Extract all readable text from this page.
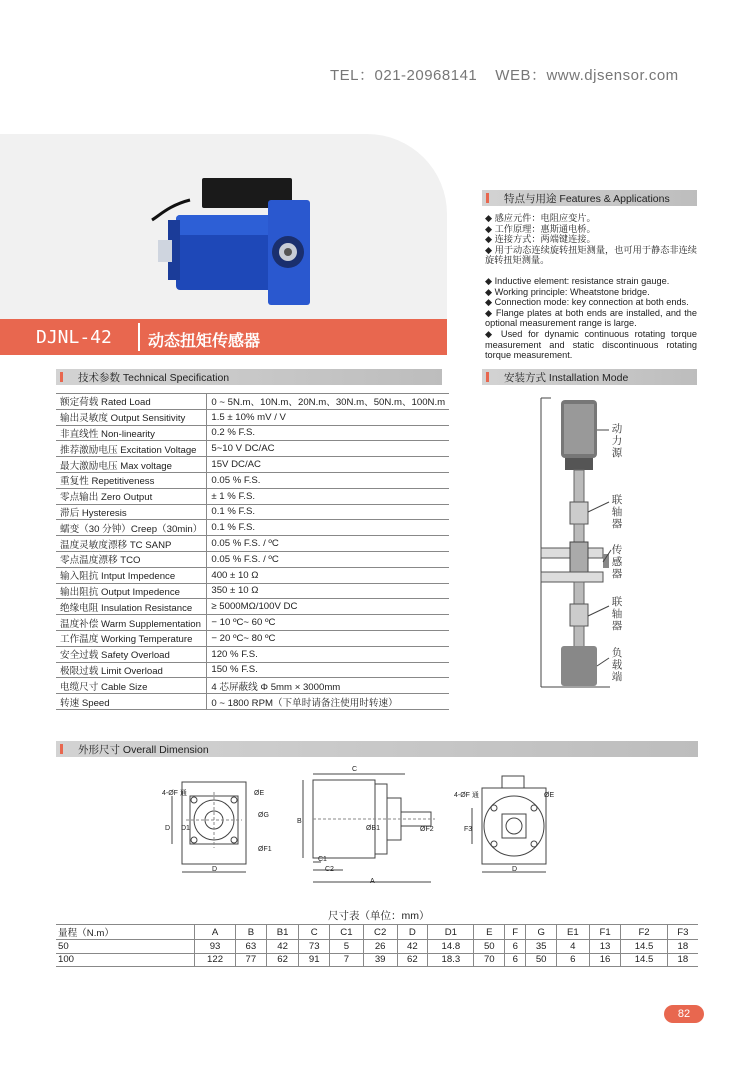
TEL：021-20968141 WEB：www.djsensor.com
DJNL-42 动态扭矩传感器
特点与用途 Features & Applications

◆ 感应元件：电阻应变片。

◆ 工作原理：惠斯通电桥。

◆ 连接方式：两端键连接。

◆ 用于动态连续旋转扭矩测量，也可用于静态非连续旋转扭矩测量。

◆ Inductive element: resistance strain gauge.

◆ Working principle: Wheatstone bridge.

◆ Connection mode: key connection at both ends.

◆ Flange plates at both ends are installed, and the optional measurement range is large.

◆ Used for dynamic continuous rotating torque measurement and static discontinuous rotating torque measurement.

技术参数 Technical Specification
额定荷载 Rated Load	0 ~ 5N.m、10N.m、20N.m、30N.m、50N.m、100N.m
输出灵敏度 Output Sensitivity	1.5 ± 10% mV / V
非直线性 Non-linearity	0.2 % F.S.
推荐激励电压 Excitation Voltage	5~10 V DC/AC
最大激励电压 Max voltage	15V DC/AC
重复性 Repetitiveness	0.05 % F.S.
零点输出 Zero Output	± 1 % F.S.
滞后 Hysteresis	0.1 % F.S.
蠕变（30 分钟）Creep（30min）	0.1 % F.S.
温度灵敏度漂移 TC SANP	0.05 % F.S. / ºC
零点温度漂移 TCO	0.05 % F.S. / ºC
输入阻抗 Intput Impedence	400 ± 10 Ω
输出阻抗 Output Impedence	350 ± 10 Ω
绝缘电阻 Insulation Resistance	≥ 5000MΩ/100V DC
温度补偿 Warm Supplementation	− 10 ºC~ 60 ºC
工作温度 Working Temperature	− 20 ºC~ 80 ºC
安全过载 Safety Overload	120 % F.S.
极限过载 Limit Overload	150 % F.S.
电缆尺寸 Cable Size	4 芯屏蔽线 Φ 5mm × 3000mm
转速 Speed	0 ~ 1800 RPM（下单时请备注使用时转速）
安装方式 Installation Mode
动力源
联轴器
传感器
联轴器
负载端
外形尺寸 Overall Dimension
4-ØF 通	ØE
ØG
ØF1
D D1
D
C
B
ØB1	ØF2
C1
C2
A
4-ØF 通	ØE
F3
D
尺寸表（单位：mm）
量程（N.m）	A	B	B1	C	C1	C2	D	D1	E	F	G	E1	F1	F2	F3
50	93	63	42	73	5	26	42	14.8	50	6	35	4	13	14.5	18
100	122	77	62	91	7	39	62	18.3	70	6	50	6	16	14.5	18
82
